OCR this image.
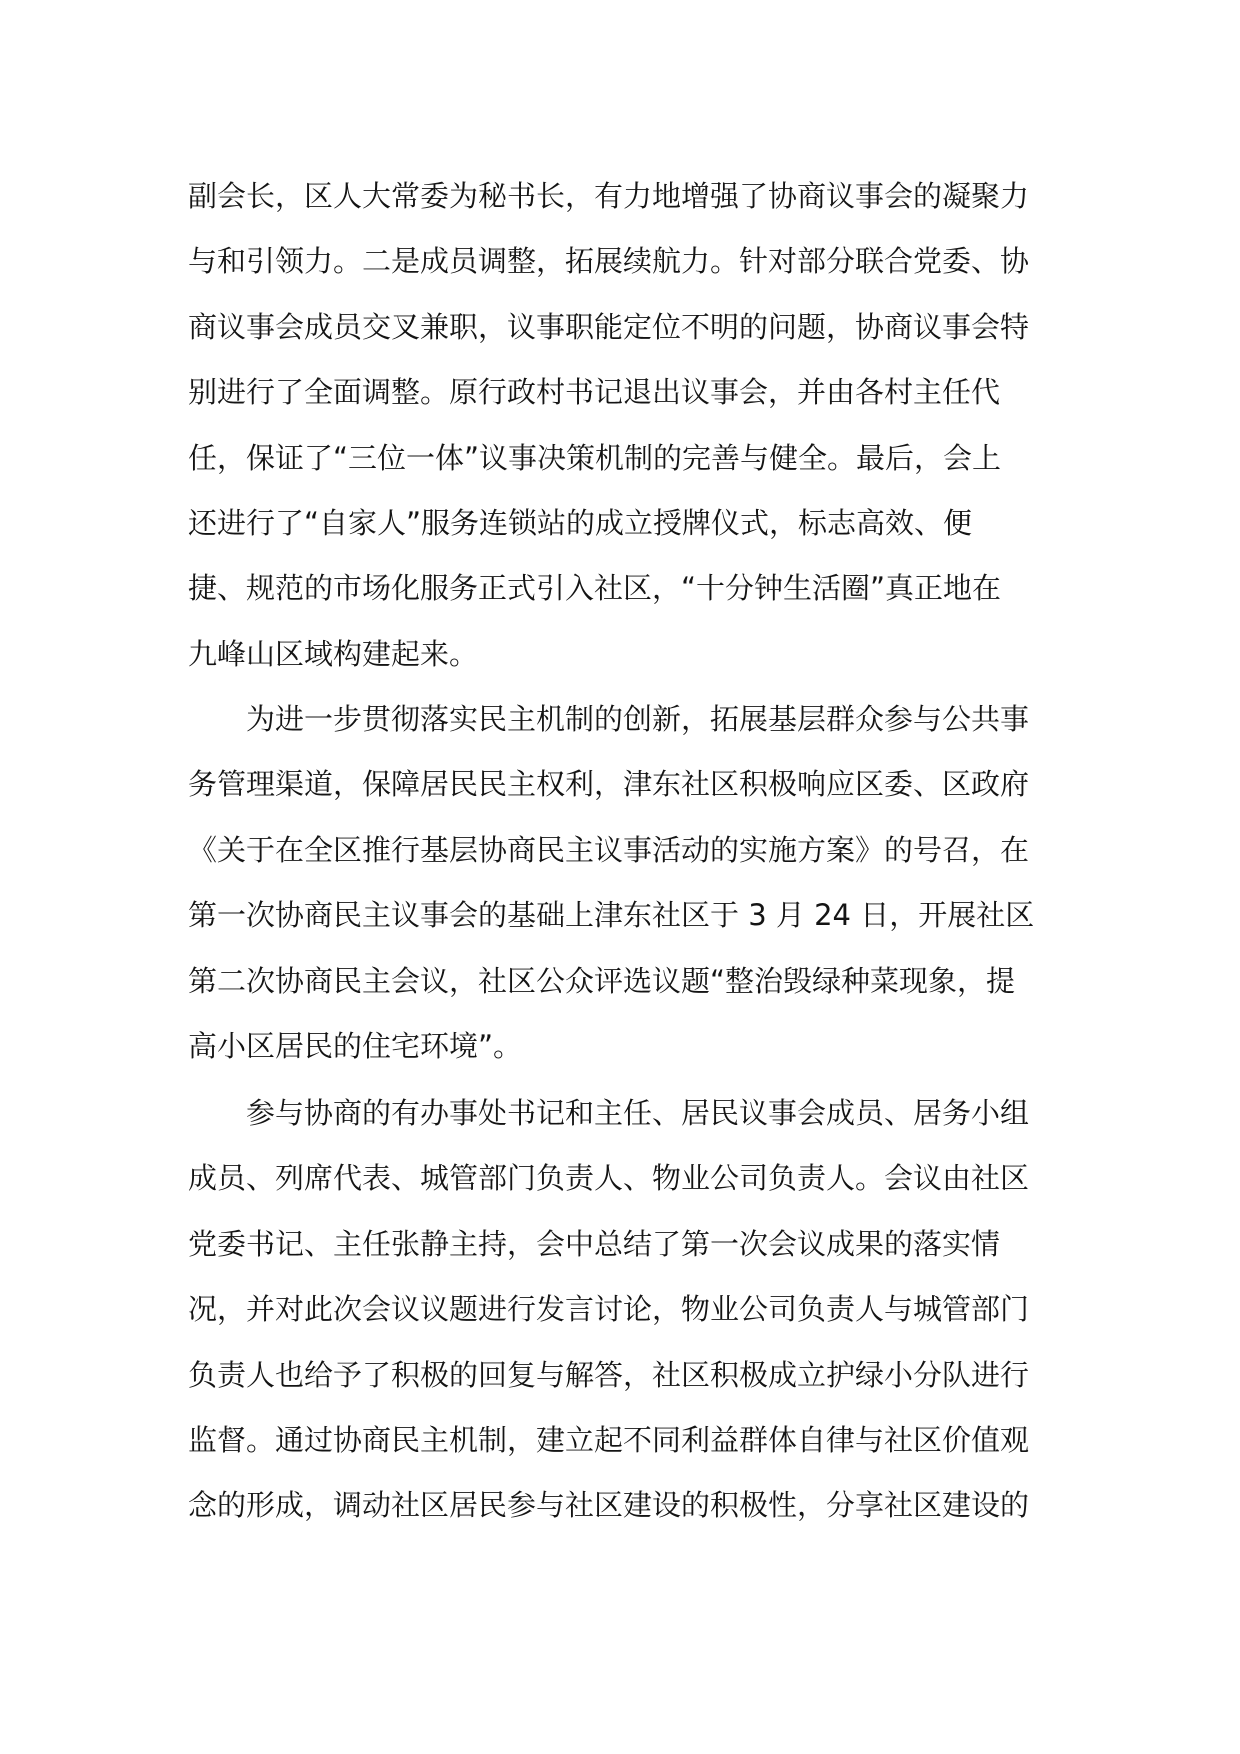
副会长，区人大常委为秘书长，有力地增强了协商议事会的凝聚力
与和引领力。二是成员调整，拓展续航力。针对部分联合党委、协
商议事会成员交叉兼职，议事职能定位不明的问题，协商议事会特
别进行了全面调整。原行政村书记退出议事会，并由各村主任代
任，保证了“三位一体”议事决策机制的完善与健全。最后，会上
还进行了“自家人”服务连锁站的成立授牌仪式，标志高效、便
捷、规范的市场化服务正式引入社区，“十分钟生活圈”真正地在
九峰山区域构建起来。
为进一步贯彻落实民主机制的创新，拓展基层群众参与公共事
务管理渠道，保障居民民主权利，津东社区积极响应区委、区政府
《关于在全区推行基层协商民主议事活动的实施方案》的号召，在
第一次协商民主议事会的基础上津东社区于 3 月 24 日，开展社区
第二次协商民主会议，社区公众评选议题“整治毁绿种菜现象，提
高小区居民的住宅环境”。
参与协商的有办事处书记和主任、居民议事会成员、居务小组
成员、列席代表、城管部门负责人、物业公司负责人。会议由社区
党委书记、主任张静主持，会中总结了第一次会议成果的落实情
况，并对此次会议议题进行发言讨论，物业公司负责人与城管部门
负责人也给予了积极的回复与解答，社区积极成立护绿小分队进行
监督。通过协商民主机制，建立起不同利益群体自律与社区价值观
念的形成，调动社区居民参与社区建设的积极性，分享社区建设的
